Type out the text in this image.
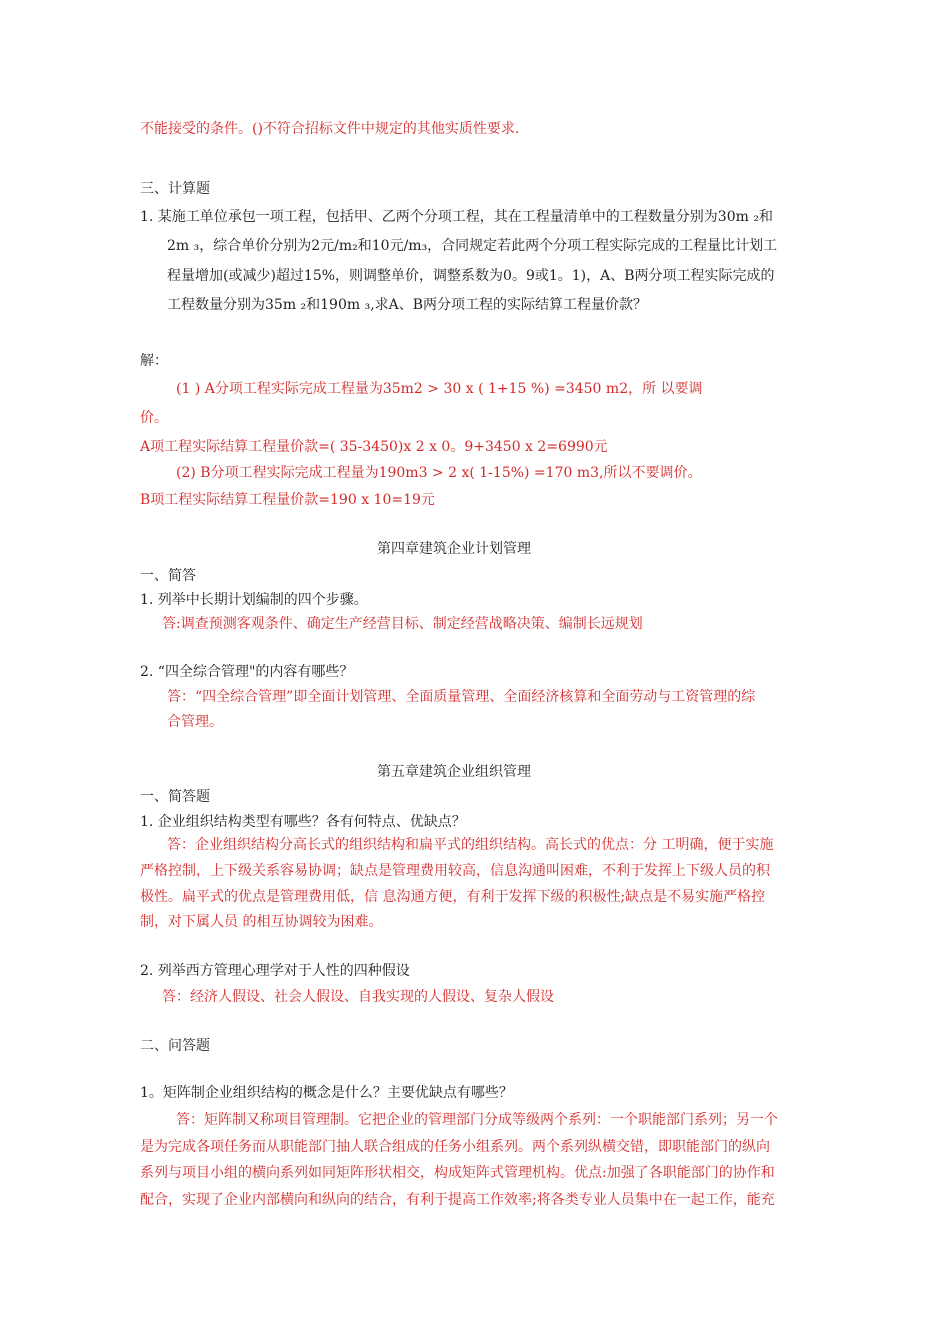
不能接受的条件。()不符合招标文件中规定的其他实质性要求.
三、计算题
1. 某施工单位承包一项工程，包括甲、乙两个分项工程，其在工程量清单中的工程数量分别为30m ₂和
2m ₃，综合单价分别为2元/m₂和10元/m₃，合同规定若此两个分项工程实际完成的工程量比计划工
程量增加(或减少)超过15%，则调整单价，调整系数为0。9或1。1)，A、B两分项工程实际完成的
工程数量分别为35m ₂和190m ₃,求A、B两分项工程的实际结算工程量价款？
解：
(1 ) A分项工程实际完成工程量为35m2 > 30 x ( 1+15 %) =3450 m2，所 以要调
价。
A项工程实际结算工程量价款=( 35-3450)x 2 x 0。9+3450 x 2=6990元
(2) B分项工程实际完成工程量为190m3 > 2 x( 1-15%) =170 m3,所以不要调价。
B项工程实际结算工程量价款=190 x 10=19元
第四章建筑企业计划管理
一、简答
1. 列举中长期计划编制的四个步骤。
答:调查预测客观条件、确定生产经营目标、制定经营战略决策、编制长远规划
2. “四全综合管理"的内容有哪些？
答：“四全综合管理”即全面计划管理、全面质量管理、全面经济核算和全面劳动与工资管理的综
合管理。
第五章建筑企业组织管理
一、简答题
1. 企业组织结构类型有哪些？各有何特点、优缺点？
答：企业组织结构分高长式的组织结构和扁平式的组织结构。高长式的优点：分 工明确，便于实施
严格控制，上下级关系容易协调；缺点是管理费用较高，信息沟通叫困难，不利于发挥上下级人员的积
极性。扁平式的优点是管理费用低，信 息沟通方便，有利于发挥下级的积极性;缺点是不易实施严格控
制，对下属人员 的相互协调较为困难。
2. 列举西方管理心理学对于人性的四种假设
答：经济人假设、社会人假设、自我实现的人假设、复杂人假设
二、问答题
1。矩阵制企业组织结构的概念是什么？主要优缺点有哪些？
答：矩阵制又称项目管理制。它把企业的管理部门分成等级两个系列：一个职能部门系列；另一个
是为完成各项任务而从职能部门抽人联合组成的任务小组系列。两个系列纵横交错，即职能部门的纵向
系列与项目小组的横向系列如同矩阵形状相交，构成矩阵式管理机构。优点:加强了各职能部门的协作和
配合，实现了企业内部横向和纵向的结合，有利于提高工作效率;将各类专业人员集中在一起工作，能充
